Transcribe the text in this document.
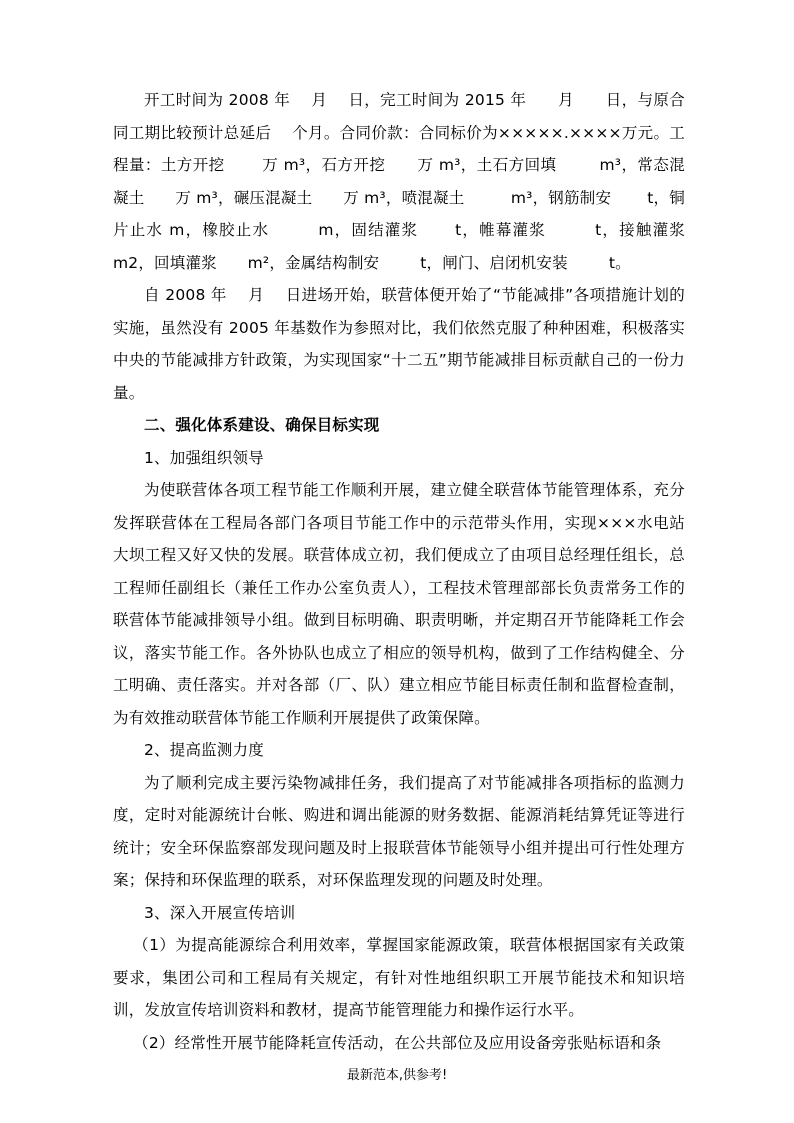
开工时间为 2008 年    月    日，完工时间为 2015 年      月      日，与原合同工期比较预计总延后    个月。合同价款：合同标价为×××××.××××万元。工程量：土方开挖       万 m³，石方开挖      万 m³，土石方回填        m³，常态混凝土      万 m³，碾压混凝土      万 m³，喷混凝土         m³，钢筋制安       t，铜片止水 m，橡胶止水        m，固结灌浆      t，帷幕灌浆        t，接触灌浆       m2，回填灌浆      m²，金属结构制安        t，闸门、启闭机安装        t。

自 2008 年    月    日进场开始，联营体便开始了“节能减排”各项措施计划的实施，虽然没有 2005 年基数作为参照对比，我们依然克服了种种困难，积极落实中央的节能减排方针政策，为实现国家“十二五”期节能减排目标贡献自己的一份力量。

二、强化体系建设、确保目标实现

1、加强组织领导

为使联营体各项工程节能工作顺利开展，建立健全联营体节能管理体系，充分发挥联营体在工程局各部门各项目节能工作中的示范带头作用，实现×××水电站大坝工程又好又快的发展。联营体成立初，我们便成立了由项目总经理任组长，总工程师任副组长（兼任工作办公室负责人），工程技术管理部部长负责常务工作的联营体节能减排领导小组。做到目标明确、职责明晰，并定期召开节能降耗工作会议，落实节能工作。各外协队也成立了相应的领导机构，做到了工作结构健全、分工明确、责任落实。并对各部（厂、队）建立相应节能目标责任制和监督检查制，为有效推动联营体节能工作顺利开展提供了政策保障。

2、提高监测力度

为了顺利完成主要污染物减排任务，我们提高了对节能减排各项指标的监测力度，定时对能源统计台帐、购进和调出能源的财务数据、能源消耗结算凭证等进行统计；安全环保监察部发现问题及时上报联营体节能领导小组并提出可行性处理方案；保持和环保监理的联系，对环保监理发现的问题及时处理。

3、深入开展宣传培训

（1）为提高能源综合利用效率，掌握国家能源政策，联营体根据国家有关政策要求，集团公司和工程局有关规定，有针对性地组织职工开展节能技术和知识培训，发放宣传培训资料和教材，提高节能管理能力和操作运行水平。

（2）经常性开展节能降耗宣传活动，在公共部位及应用设备旁张贴标语和条

最新范本,供参考!
